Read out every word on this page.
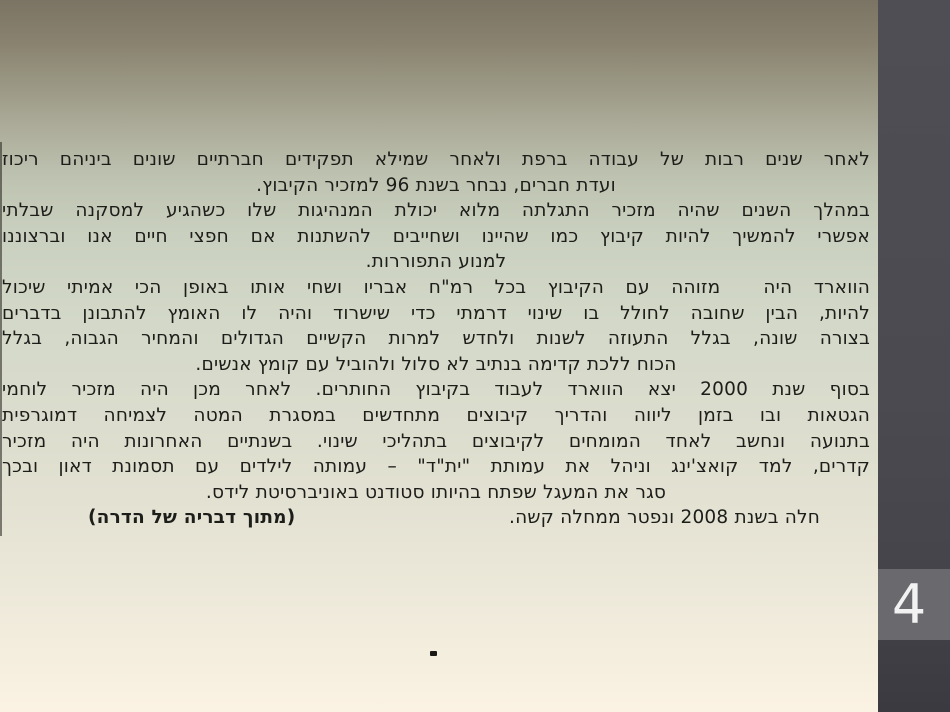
לאחר שנים רבות של עבודה ברפת ולאחר שמילא תפקידים חברתיים שונים ביניהם ריכוז
ועדת חברים, נבחר בשנת 96 למזכיר הקיבוץ.
במהלך השנים שהיה מזכיר התגלתה מלוא יכולת המנהיגות שלו כשהגיע למסקנה שבלתי
אפשרי להמשיך להיות קיבוץ כמו שהיינו ושחייבים להשתנות אם חפצי חיים אנו וברצוננו
למנוע התפוררות.
הווארד היה  מזוהה עם הקיבוץ בכל רמ"ח אבריו ושחי אותו באופן הכי אמיתי שיכול
להיות, הבין שחובה לחולל בו שינוי דרמתי כדי שישרוד והיה לו האומץ להתבונן בדברים
בצורה שונה, בגלל התעוזה לשנות ולחדש למרות הקשיים הגדולים והמחיר הגבוה, בגלל
הכוח ללכת קדימה בנתיב לא סלול ולהוביל עם קומץ אנשים.
בסוף שנת 2000 יצא הווארד לעבוד בקיבוץ החותרים. לאחר מכן היה מזכיר לוחמי
הגטאות ובו בזמן ליווה והדריך קיבוצים מתחדשים במסגרת המטה לצמיחה דמוגרפית
בתנועה ונחשב לאחד המומחים לקיבוצים בתהליכי שינוי. בשנתיים האחרונות היה מזכיר
קדרים, למד קואצ'ינג וניהל את עמותת "ית"ד" – עמותה לילדים עם תסמונת דאון ובכך
סגר את המעגל שפתח בהיותו סטודנט באוניברסיטת לידס.
חלה בשנת 2008 ונפטר ממחלה קשה.
(מתוך דבריה של הדרה)
4
